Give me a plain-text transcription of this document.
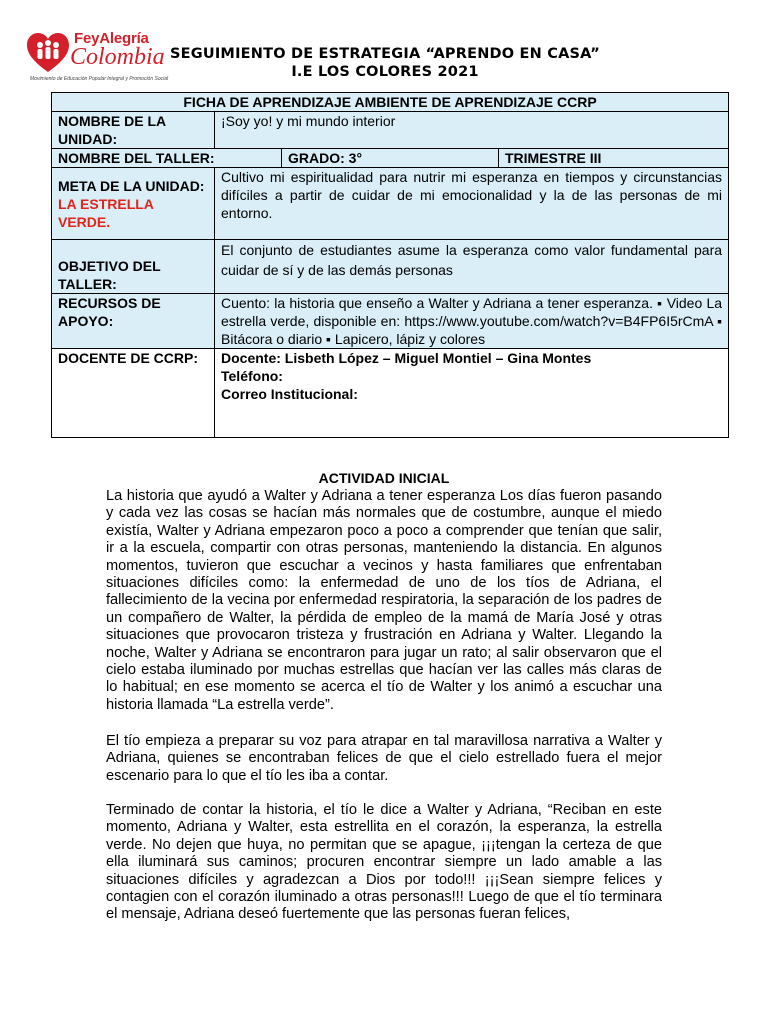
FeyAlegría
Colombia
Movimiento de Educación Popular Integral y Promoción Social
SEGUIMIENTO DE ESTRATEGIA “APRENDO EN CASA”
I.E LOS COLORES 2021
FICHA DE APRENDIZAJE AMBIENTE DE APRENDIZAJE CCRP			
NOMBRE DE LA UNIDAD:	¡Soy yo! y mi mundo interior		
NOMBRE DEL TALLER:		GRADO: 3°	TRIMESTRE III
META DE LA UNIDAD: LA ESTRELLA VERDE.	Cultivo mi espiritualidad para nutrir mi esperanza en tiempos y circunstancias difíciles a partir de cuidar de mi emocionalidad y la de las personas de mi entorno.		
OBJETIVO DEL TALLER:	El conjunto de estudiantes asume la esperanza como valor fundamental para cuidar de sí y de las demás personas		
RECURSOS DE APOYO:	Cuento: la historia que enseño a Walter y Adriana a tener esperanza. ▪ Video La estrella verde, disponible en: https://www.youtube.com/watch?v=B4FP6I5rCmA ▪ Bitácora o diario ▪ Lapicero, lápiz y colores		
DOCENTE DE CCRP:	Docente: Lisbeth López – Miguel Montiel – Gina Montes
Teléfono:
Correo Institucional:		
ACTIVIDAD INICIAL
La historia que ayudó a Walter y Adriana a tener esperanza Los días fueron pasando y cada vez las cosas se hacían más normales que de costumbre, aunque el miedo existía, Walter y Adriana empezaron poco a poco a comprender que tenían que salir, ir a la escuela, compartir con otras personas, manteniendo la distancia. En algunos momentos, tuvieron que escuchar a vecinos y hasta familiares que enfrentaban situaciones difíciles como: la enfermedad de uno de los tíos de Adriana, el fallecimiento de la vecina por enfermedad respiratoria, la separación de los padres de un compañero de Walter, la pérdida de empleo de la mamá de María José y otras situaciones que provocaron tristeza y frustración en Adriana y Walter. Llegando la noche, Walter y Adriana se encontraron para jugar un rato; al salir observaron que el cielo estaba iluminado por muchas estrellas que hacían ver las calles más claras de lo habitual; en ese momento se acerca el tío de Walter y los animó a escuchar una historia llamada “La estrella verde”.
El tío empieza a preparar su voz para atrapar en tal maravillosa narrativa a Walter y Adriana, quienes se encontraban felices de que el cielo estrellado fuera el mejor escenario para lo que el tío les iba a contar.
Terminado de contar la historia, el tío le dice a Walter y Adriana, “Reciban en este momento, Adriana y Walter, esta estrellita en el corazón, la esperanza, la estrella verde. No dejen que huya, no permitan que se apague, ¡¡¡tengan la certeza de que ella iluminará sus caminos; procuren encontrar siempre un lado amable a las situaciones difíciles y agradezcan a Dios por todo!!! ¡¡¡Sean siempre felices y contagien con el corazón iluminado a otras personas!!! Luego de que el tío terminara el mensaje, Adriana deseó fuertemente que las personas fueran felices,
